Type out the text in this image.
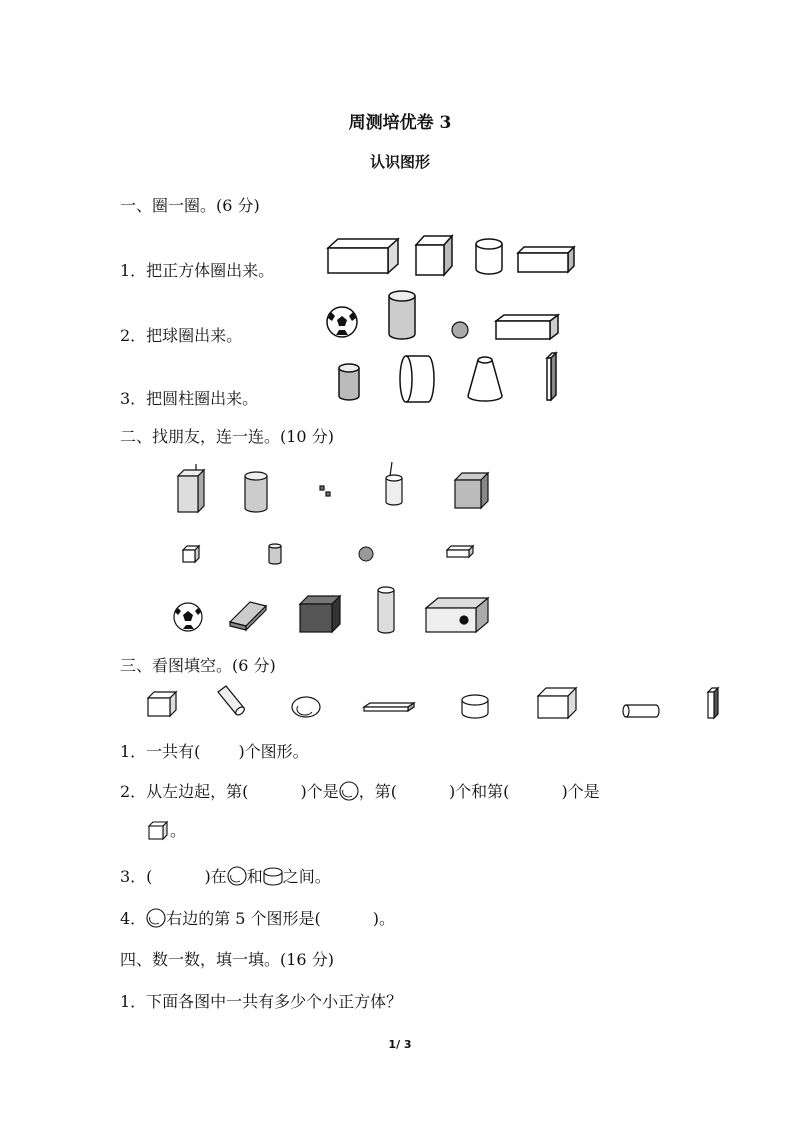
周测培优卷 3
认识图形
一、圈一圈。(6 分)
1．把正方体圈出来。
2．把球圈出来。
3．把圆柱圈出来。
二、找朋友，连一连。(10 分)
三、看图填空。(6 分)
1．一共有( )个图形。
2．从左边起，第(	)个是 ，第(	)个和第(	)个是
。
3．(	)在 和 之间。
4． 右边的第 5 个图形是(	)。
四、数一数，填一填。(16 分)
1．下面各图中一共有多少个小正方体？
1/ 3
